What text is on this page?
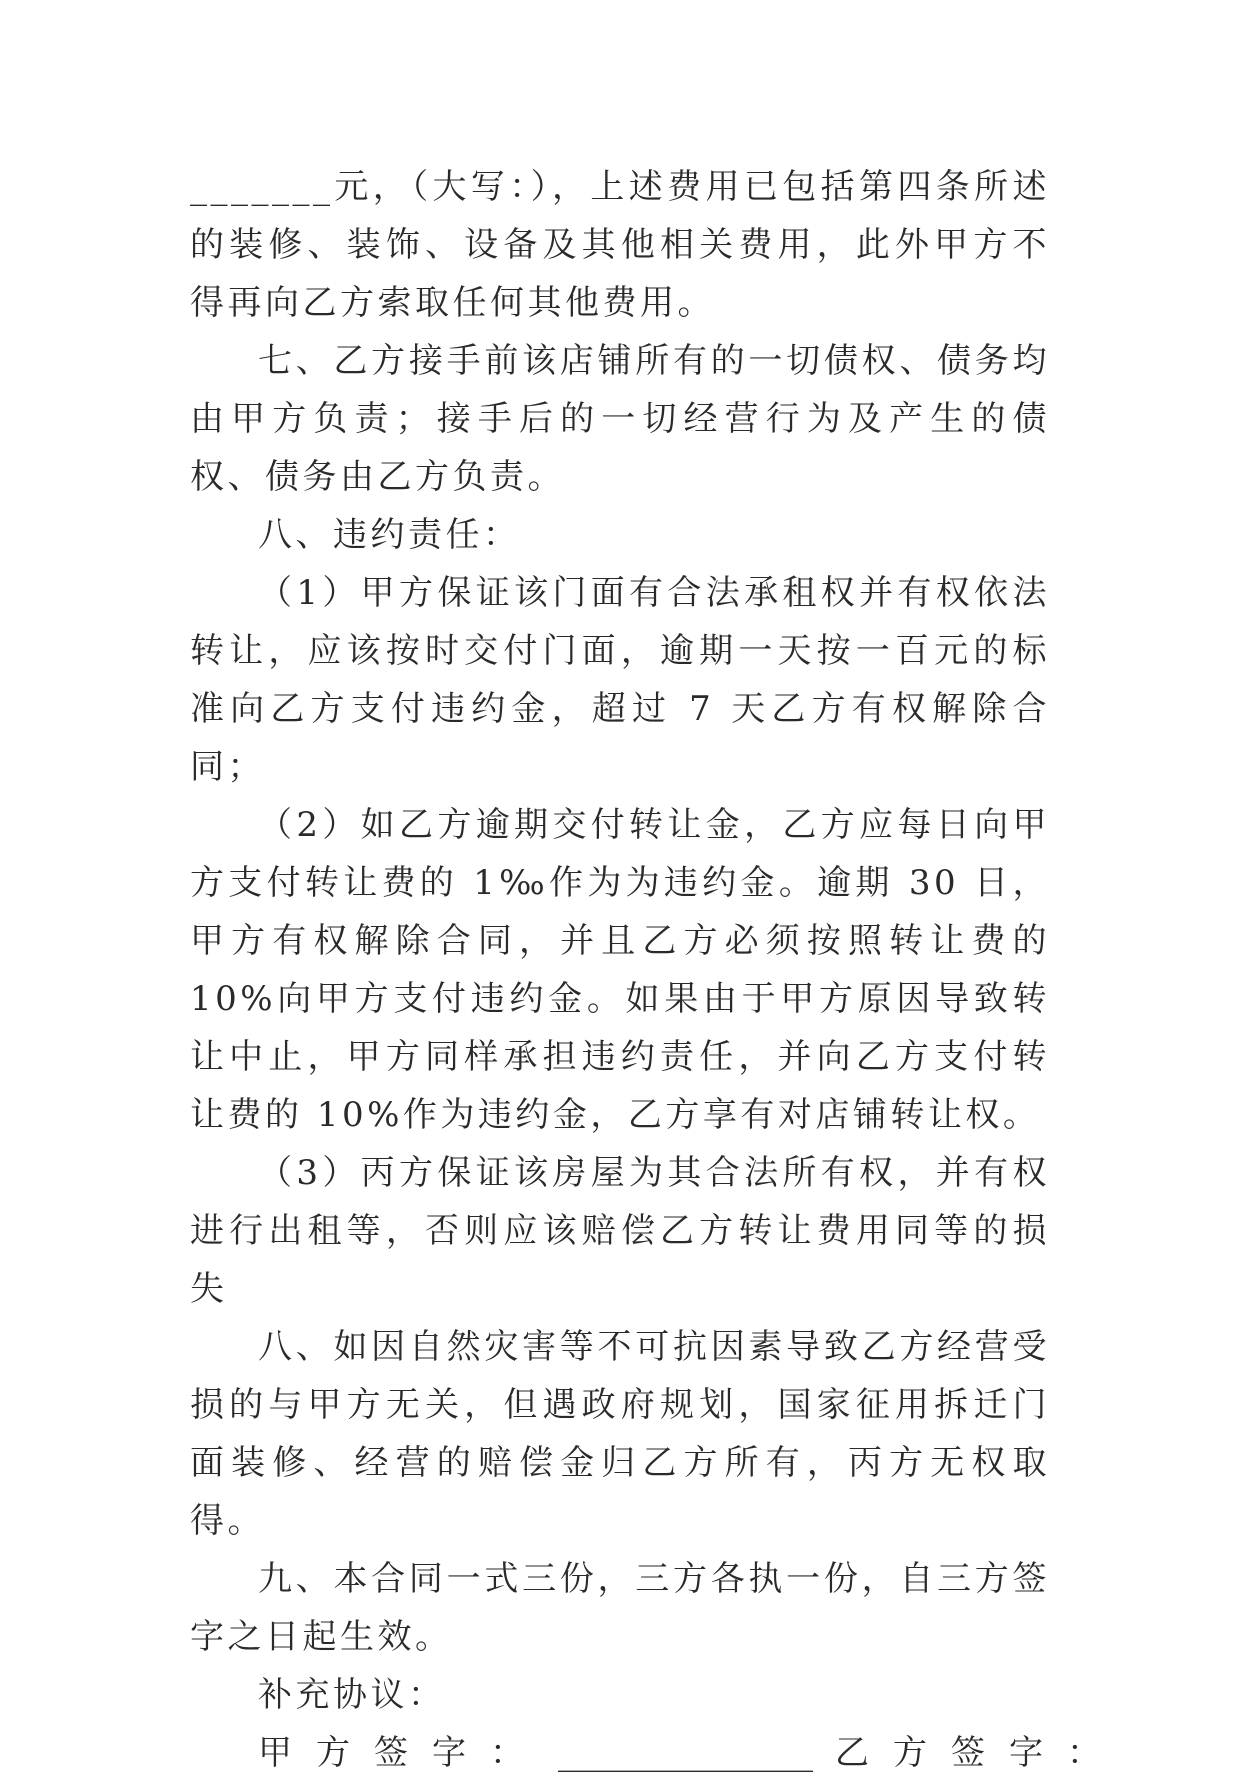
_______元，（大写：），上述费用已包括第四条所述的装修、装饰、设备及其他相关费用，此外甲方不得再向乙方索取任何其他费用。

七、乙方接手前该店铺所有的一切债权、债务均由甲方负责；接手后的一切经营行为及产生的债权、债务由乙方负责。

八、违约责任：

（1）甲方保证该门面有合法承租权并有权依法转让，应该按时交付门面，逾期一天按一百元的标准向乙方支付违约金，超过 7 天乙方有权解除合同；

（2）如乙方逾期交付转让金，乙方应每日向甲方支付转让费的 1‰作为为违约金。逾期 30 日，甲方有权解除合同，并且乙方必须按照转让费的 10%向甲方支付违约金。如果由于甲方原因导致转让中止，甲方同样承担违约责任，并向乙方支付转让费的 10%作为违约金，乙方享有对店铺转让权。

（3）丙方保证该房屋为其合法所有权，并有权进行出租等，否则应该赔偿乙方转让费用同等的损失

八、如因自然灾害等不可抗因素导致乙方经营受损的与甲方无关，但遇政府规划，国家征用拆迁门面装修、经营的赔偿金归乙方所有，丙方无权取得。

九、本合同一式三份，三方各执一份，自三方签字之日起生效。

补充协议：

甲方签字： _______________ 乙方签字：
